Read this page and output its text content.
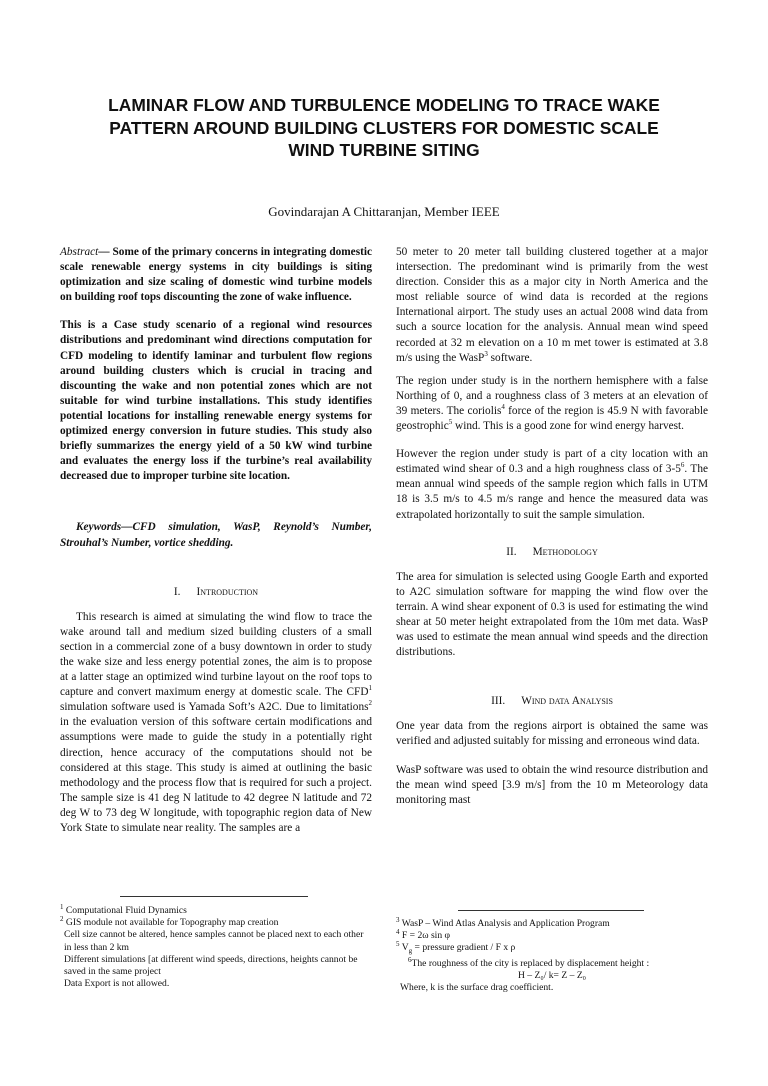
LAMINAR FLOW AND TURBULENCE MODELING TO TRACE WAKE PATTERN AROUND BUILDING CLUSTERS FOR DOMESTIC SCALE WIND TURBINE SITING

Govindarajan A Chittaranjan, Member IEEE

Abstract— Some of the primary concerns in integrating domestic scale renewable energy systems in city buildings is siting optimization and size scaling of domestic wind turbine models on building roof tops discounting the zone of wake influence.

This is a Case study scenario of a regional wind resources distributions and predominant wind directions computation for CFD modeling to identify laminar and turbulent flow regions around building clusters which is crucial in tracing and discounting the wake and non potential zones which are not suitable for wind turbine installations. This study identifies potential locations for installing renewable energy systems for optimized energy conversion in future studies. This study also briefly summarizes the energy yield of a 50 kW wind turbine and evaluates the energy loss if the turbine’s real availability decreased due to improper turbine site location.

Keywords—CFD simulation, WasP, Reynold’s Number, Strouhal’s Number, vortice shedding.

I. Introduction

This research is aimed at simulating the wind flow to trace the wake around tall and medium sized building clusters of a small section in a commercial zone of a busy downtown in order to study the wake size and less energy potential zones, the aim is to propose at a latter stage an optimized wind turbine layout on the roof tops to capture and convert maximum energy at domestic scale. The CFD$^1$ simulation software used is Yamada Soft’s A2C. Due to limitations$^2$ in the evaluation version of this software certain modifications and assumptions were made to guide the study in a potentially right direction, hence accuracy of the computations should not be considered at this stage. This study is aimed at outlining the basic methodology and the process flow that is required for such a project. The sample size is 41 deg N latitude to 42 degree N latitude and 72 deg W to 73 deg W longitude, with topographic region data of New York State to simulate near reality. The samples are a

50 meter to 20 meter tall building clustered together at a major intersection. The predominant wind is primarily from the west direction. Consider this as a major city in North America and the most reliable source of wind data is recorded at the regions International airport. The study uses an actual 2008 wind data from such a source location for the analysis. Annual mean wind speed recorded at 32 m elevation on a 10 m met tower is estimated at 3.8 m/s using the WasP$^3$ software.

The region under study is in the northern hemisphere with a false Northing of 0, and a roughness class of 3 meters at an elevation of 39 meters. The coriolis$^4$ force of the region is 45.9 N with favorable geostrophic$^5$ wind. This is a good zone for wind energy harvest.

However the region under study is part of a city location with an estimated wind shear of 0.3 and a high roughness class of $3-5^6$. The mean annual wind speeds of the sample region which falls in UTM 18 is 3.5 m/s to 4.5 m/s range and hence the measured data was extrapolated horizontally to suit the sample simulation.

II. Methodology

The area for simulation is selected using Google Earth and exported to A2C simulation software for mapping the wind flow over the terrain. A wind shear exponent of 0.3 is used for estimating the wind shear at 50 meter height extrapolated from the 10m met data. WasP was used to estimate the mean annual wind speeds and the direction distributions.

III. Wind data Analysis

One year data from the regions airport is obtained the same was verified and adjusted suitably for missing and erroneous wind data.

WasP software was used to obtain the wind resource distribution and the mean wind speed [3.9 m/s] from the 10 m Meteorology data monitoring mast

$^1$ Computational Fluid Dynamics
$^2$ GIS module not available for Topography map creation
Cell size cannot be altered, hence samples cannot be placed next to each other in less than 2 km
Different simulations [at different wind speeds, directions, heights cannot be saved in the same project
Data Export is not allowed.
$^3$ WasP – Wind Atlas Analysis and Application Program
$^4$ F = 2ω sin φ
$^5$ $V_g$ = pressure gradient / F x ρ
$^6$The roughness of the city is replaced by displacement height :
H – Z₀/ k= Z – Z₀
Where, k is the surface drag coefficient.
